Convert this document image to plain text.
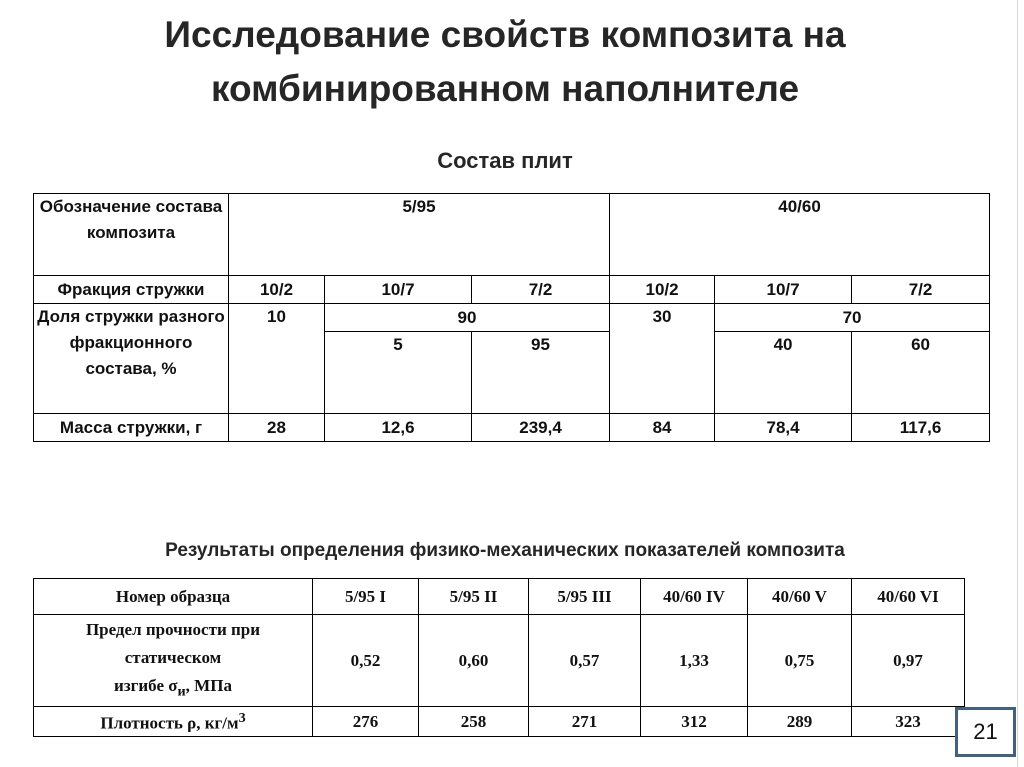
Исследование свойств композита на
комбинированном наполнителе
Состав плит
Обозначение состава композита	5/95			40/60		
Фракция стружки	10/2	10/7	7/2	10/2	10/7	7/2
Доля стружки разного фракционного состава, %	10	90		30	70	
		5	95		40	60
Масса стружки, г	28	12,6	239,4	84	78,4	117,6
Результаты определения физико-механических показателей композита
Номер образца	5/95 I	5/95 II	5/95 III	40/60 IV	40/60 V	40/60 VI

Предел прочности при
статическом
изгибе $\sigma_и$, МПа	0,52	0,60	0,57	1,33	0,75	0,97
Плотность ρ, $кг/м^3$	276	258	271	312	289	323 21
